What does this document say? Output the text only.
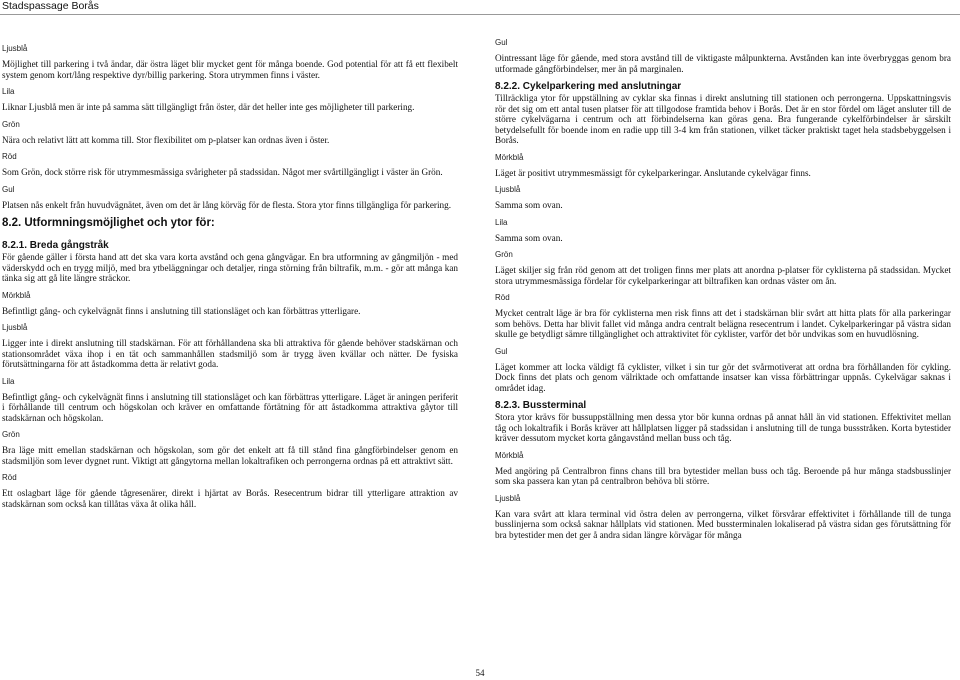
Stadspassage Borås
Ljusblå
Möjlighet till parkering i två ändar, där östra läget blir mycket gent för många boende. God potential för att få ett flexibelt system genom kort/lång respektive dyr/billig parkering. Stora utrymmen finns i väster.
Lila
Liknar Ljusblå men är inte på samma sätt tillgängligt från öster, där det heller inte ges möjligheter till parkering.
Grön
Nära och relativt lätt att komma till. Stor flexibilitet om p-platser kan ordnas även i öster.
Röd
Som Grön, dock större risk för utrymmesmässiga svårigheter på stadssidan. Något mer svårtillgängligt i väster än Grön.
Gul
Platsen nås enkelt från huvudvägnätet, även om det är lång körväg för de flesta. Stora ytor finns tillgängliga för parkering.
8.2. Utformningsmöjlighet och ytor för:
8.2.1. Breda gångstråk
För gående gäller i första hand att det ska vara korta avstånd och gena gångvägar. En bra utformning av gångmiljön - med väderskydd och en trygg miljö, med bra ytbeläggningar och detaljer, ringa störning från biltrafik, m.m. - gör att många kan tänka sig att gå lite längre sträckor.
Mörkblå
Befintligt gång- och cykelvägnät finns i anslutning till stationsläget och kan förbättras ytterligare.
Ljusblå
Ligger inte i direkt anslutning till stadskärnan. För att förhållandena ska bli attraktiva för gående behöver stadskärnan och stationsområdet växa ihop i en tät och sammanhållen stadsmiljö som är trygg även kvällar och nätter. De fysiska förutsättningarna för att åstadkomma detta är relativt goda.
Lila
Befintligt gång- och cykelvägnät finns i anslutning till stationsläget och kan förbättras ytterligare. Läget är aningen periferit i förhållande till centrum och högskolan och kräver en omfattande förtätning för att åstadkomma attraktiva gåytor till stadskärnan och högskolan.
Grön
Bra läge mitt emellan stadskärnan och högskolan, som gör det enkelt att få till stånd fina gångförbindelser genom en stadsmiljön som lever dygnet runt. Viktigt att gångytorna mellan lokaltrafiken och perrongerna ordnas på ett attraktivt sätt.
Röd
Ett oslagbart läge för gående tågresenärer, direkt i hjärtat av Borås. Resecentrum bidrar till ytterligare attraktion av stadskärnan som också kan tillåtas växa åt olika håll.
Gul
Ointressant läge för gående, med stora avstånd till de viktigaste målpunkterna. Avstånden kan inte överbryggas genom bra utformade gångförbindelser, mer än på marginalen.
8.2.2. Cykelparkering med anslutningar
Tillräckliga ytor för uppställning av cyklar ska finnas i direkt anslutning till stationen och perrongerna. Uppskattningsvis rör det sig om ett antal tusen platser för att tillgodose framtida behov i Borås. Det är en stor fördel om läget ansluter till de större cykelvägarna i centrum och att förbindelserna kan göras gena. Bra fungerande cykelförbindelser är särskilt betydelsefullt för boende inom en radie upp till 3-4 km från stationen, vilket täcker praktiskt taget hela stadsbebyggelsen i Borås.
Mörkblå
Läget är positivt utrymmesmässigt för cykelparkeringar. Anslutande cykelvägar finns.
Ljusblå
Samma som ovan.
Lila
Samma som ovan.
Grön
Läget skiljer sig från röd genom att det troligen finns mer plats att anordna p-platser för cyklisterna på stadssidan. Mycket stora utrymmesmässiga fördelar för cykelparkeringar att biltrafiken kan ordnas väster om ån.
Röd
Mycket centralt läge är bra för cyklisterna men risk finns att det i stadskärnan blir svårt att hitta plats för alla parkeringar som behövs. Detta har blivit fallet vid många andra centralt belägna resecentrum i landet. Cykelparkeringar på västra sidan skulle ge betydligt sämre tillgänglighet och attraktivitet för cyklister, varför det bör undvikas som en huvudlösning.
Gul
Läget kommer att locka väldigt få cyklister, vilket i sin tur gör det svårmotiverat att ordna bra förhållanden för cykling. Dock finns det plats och genom välriktade och omfattande insatser kan vissa förbättringar uppnås. Cykelvägar saknas i området idag.
8.2.3. Bussterminal
Stora ytor krävs för bussuppställning men dessa ytor bör kunna ordnas på annat håll än vid stationen. Effektivitet mellan tåg och lokaltrafik i Borås kräver att hållplatsen ligger på stadssidan i anslutning till de tunga bussstråken. Korta bytestider kräver dessutom mycket korta gångavstånd mellan buss och tåg.
Mörkblå
Med angöring på Centralbron finns chans till bra bytestider mellan buss och tåg. Beroende på hur många stadsbusslinjer som ska passera kan ytan på centralbron behöva bli större.
Ljusblå
Kan vara svårt att klara terminal vid östra delen av perrongerna, vilket försvårar effektivitet i förhållande till de tunga busslinjerna som också saknar hållplats vid stationen. Med bussterminalen lokaliserad på västra sidan ges förutsättning för bra bytestider men det ger å andra sidan längre körvägar för många
54
